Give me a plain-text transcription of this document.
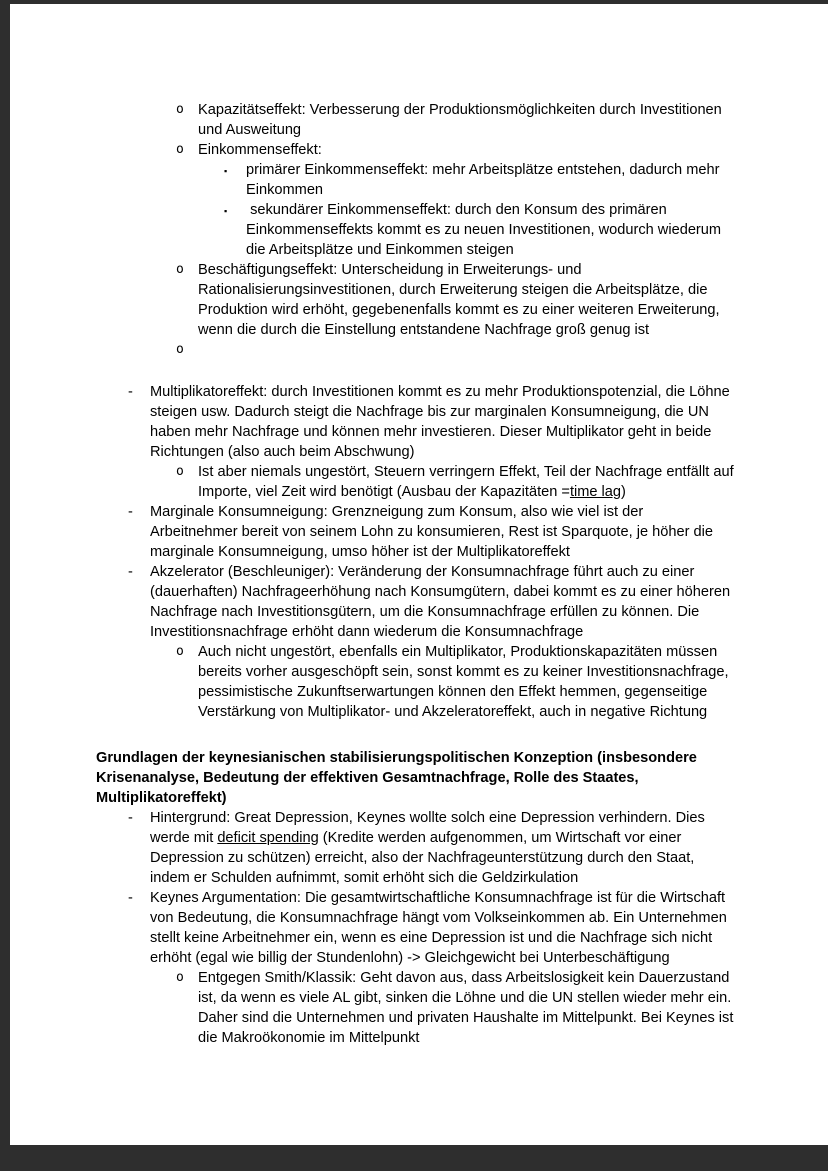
o Kapazitätseffekt: Verbesserung der Produktionsmöglichkeiten durch Investitionen und Ausweitung
o Einkommenseffekt:
▪ primärer Einkommenseffekt: mehr Arbeitsplätze entstehen, dadurch mehr Einkommen
▪ sekundärer Einkommenseffekt: durch den Konsum des primären Einkommenseffekts kommt es zu neuen Investitionen, wodurch wiederum die Arbeitsplätze und Einkommen steigen
o Beschäftigungseffekt: Unterscheidung in Erweiterungs- und Rationalisierungsinvestitionen, durch Erweiterung steigen die Arbeitsplätze, die Produktion wird erhöht, gegebenenfalls kommt es zu einer weiteren Erweiterung, wenn die durch die Einstellung entstandene Nachfrage groß genug ist
o
- Multiplikatoreffekt: durch Investitionen kommt es zu mehr Produktionspotenzial, die Löhne steigen usw. Dadurch steigt die Nachfrage bis zur marginalen Konsumneigung, die UN haben mehr Nachfrage und können mehr investieren. Dieser Multiplikator geht in beide Richtungen (also auch beim Abschwung)
o Ist aber niemals ungestört, Steuern verringern Effekt, Teil der Nachfrage entfällt auf Importe, viel Zeit wird benötigt (Ausbau der Kapazitäten =time lag)
- Marginale Konsumneigung: Grenzneigung zum Konsum, also wie viel ist der Arbeitnehmer bereit von seinem Lohn zu konsumieren, Rest ist Sparquote, je höher die marginale Konsumneigung, umso höher ist der Multiplikatoreffekt
- Akzelerator (Beschleuniger): Veränderung der Konsumnachfrage führt auch zu einer (dauerhaften) Nachfrageerhöhung nach Konsumgütern, dabei kommt es zu einer höheren Nachfrage nach Investitionsgütern, um die Konsumnachfrage erfüllen zu können. Die Investitionsnachfrage erhöht dann wiederum die Konsumnachfrage
o Auch nicht ungestört, ebenfalls ein Multiplikator, Produktionskapazitäten müssen bereits vorher ausgeschöpft sein, sonst kommt es zu keiner Investitionsnachfrage, pessimistische Zukunftserwartungen können den Effekt hemmen, gegenseitige Verstärkung von Multiplikator- und Akzeleratoreffekt, auch in negative Richtung
Grundlagen der keynesianischen stabilisierungspolitischen Konzeption (insbesondere Krisenanalyse, Bedeutung der effektiven Gesamtnachfrage, Rolle des Staates, Multiplikatoreffekt)
- Hintergrund: Great Depression, Keynes wollte solch eine Depression verhindern. Dies werde mit deficit spending (Kredite werden aufgenommen, um Wirtschaft vor einer Depression zu schützen) erreicht, also der Nachfrageunterstützung durch den Staat, indem er Schulden aufnimmt, somit erhöht sich die Geldzirkulation
- Keynes Argumentation: Die gesamtwirtschaftliche Konsumnachfrage ist für die Wirtschaft von Bedeutung, die Konsumnachfrage hängt vom Volkseinkommen ab. Ein Unternehmen stellt keine Arbeitnehmer ein, wenn es eine Depression ist und die Nachfrage sich nicht erhöht (egal wie billig der Stundenlohn) -> Gleichgewicht bei Unterbeschäftigung
o Entgegen Smith/Klassik: Geht davon aus, dass Arbeitslosigkeit kein Dauerzustand ist, da wenn es viele AL gibt, sinken die Löhne und die UN stellen wieder mehr ein. Daher sind die Unternehmen und privaten Haushalte im Mittelpunkt. Bei Keynes ist die Makroökonomie im Mittelpunkt
